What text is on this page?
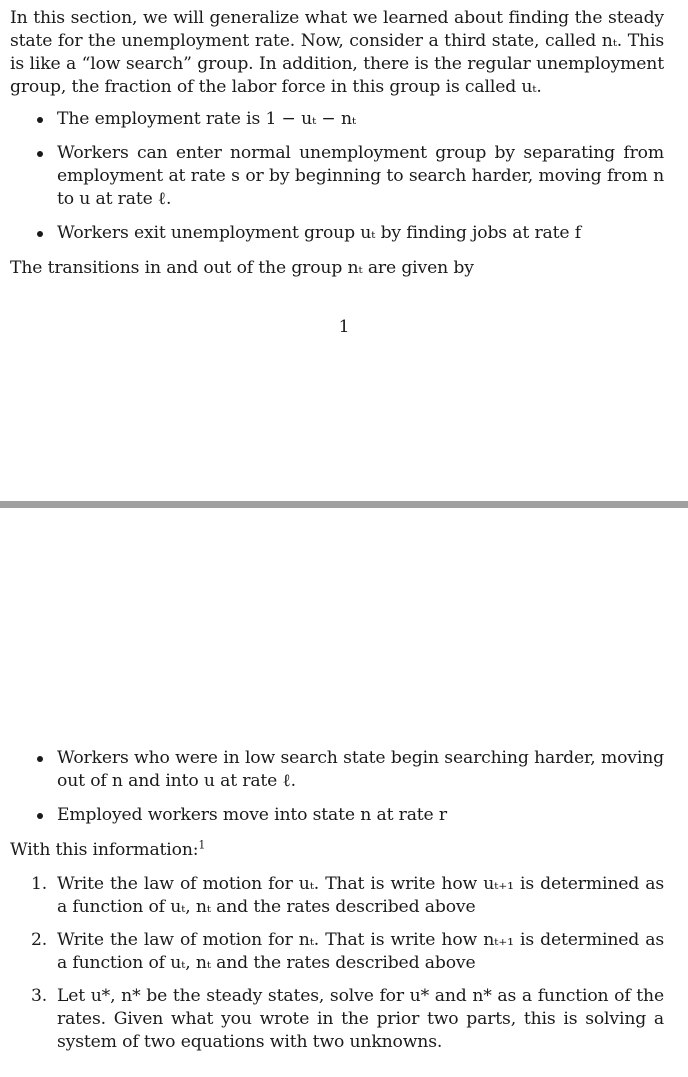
In this section, we will generalize what we learned about finding the steady state for the unemployment rate. Now, consider a third state, called nₜ. This is like a “low search” group. In addition, there is the regular unemployment group, the fraction of the labor force in this group is called uₜ.

The employment rate is 1 − uₜ − nₜ
Workers can enter normal unemployment group by separating from employment at rate s or by beginning to search harder, moving from n to u at rate ℓ.
Workers exit unemployment group uₜ by finding jobs at rate f

The transitions in and out of the group nₜ are given by

1
Workers who were in low search state begin searching harder, moving out of n and into u at rate ℓ.
Employed workers move into state n at rate r

With this information:$^1$

1. Write the law of motion for uₜ. That is write how uₜ₊₁ is determined as a function of uₜ, nₜ and the rates described above
2. Write the law of motion for nₜ. That is write how nₜ₊₁ is determined as a function of uₜ, nₜ and the rates described above
3. Let u*, n* be the steady states, solve for u* and n* as a function of the rates. Given what you wrote in the prior two parts, this is solving a system of two equations with two unknowns.
